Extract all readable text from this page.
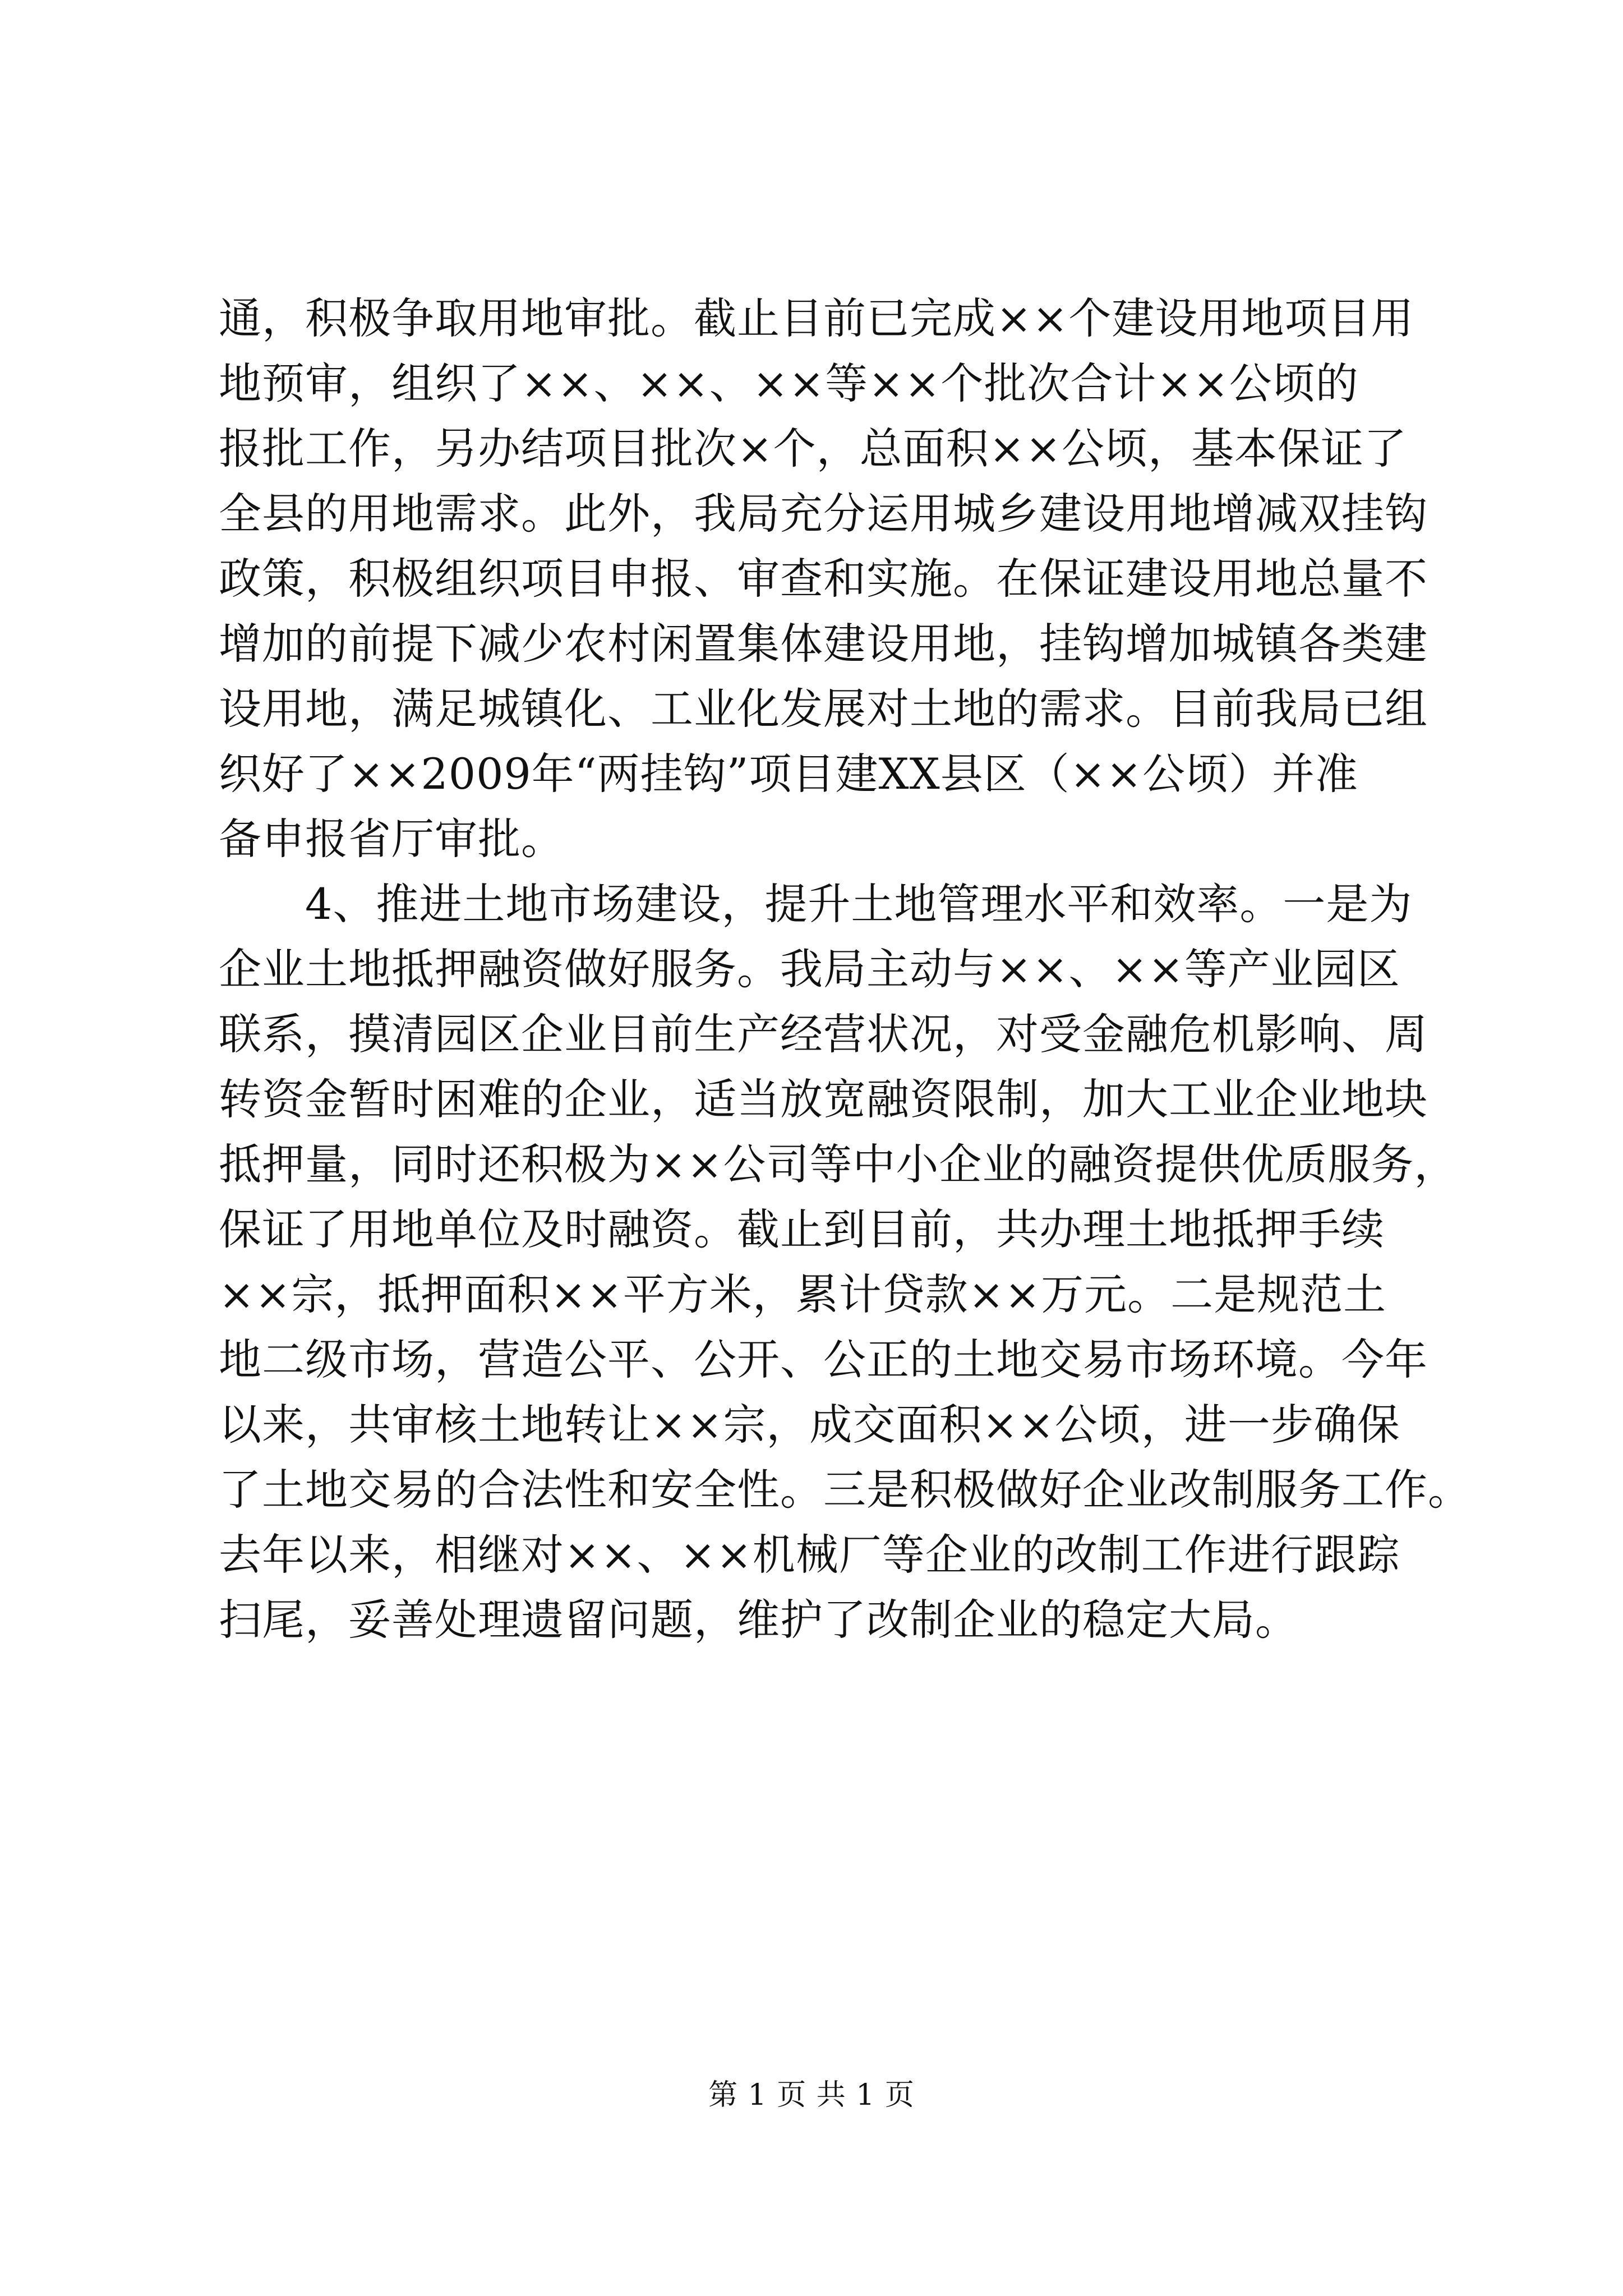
通，积极争取用地审批。截止目前已完成××个建设用地项目用
地预审，组织了××、××、××等××个批次合计××公顷的
报批工作，另办结项目批次×个，总面积××公顷，基本保证了
全县的用地需求。此外，我局充分运用城乡建设用地增减双挂钩
政策，积极组织项目申报、审查和实施。在保证建设用地总量不
增加的前提下减少农村闲置集体建设用地，挂钩增加城镇各类建
设用地，满足城镇化、工业化发展对土地的需求。目前我局已组
织好了××2009年“两挂钩”项目建XX县区（××公顷）并准
备申报省厅审批。
　　4、推进土地市场建设，提升土地管理水平和效率。一是为
企业土地抵押融资做好服务。我局主动与××、××等产业园区
联系，摸清园区企业目前生产经营状况，对受金融危机影响、周
转资金暂时困难的企业，适当放宽融资限制，加大工业企业地块
抵押量，同时还积极为××公司等中小企业的融资提供优质服务，
保证了用地单位及时融资。截止到目前，共办理土地抵押手续
××宗，抵押面积××平方米，累计贷款××万元。二是规范土
地二级市场，营造公平、公开、公正的土地交易市场环境。今年
以来，共审核土地转让××宗，成交面积××公顷，进一步确保
了土地交易的合法性和安全性。三是积极做好企业改制服务工作。
去年以来，相继对××、××机械厂等企业的改制工作进行跟踪
扫尾，妥善处理遗留问题，维护了改制企业的稳定大局。
第 1 页 共 1 页
